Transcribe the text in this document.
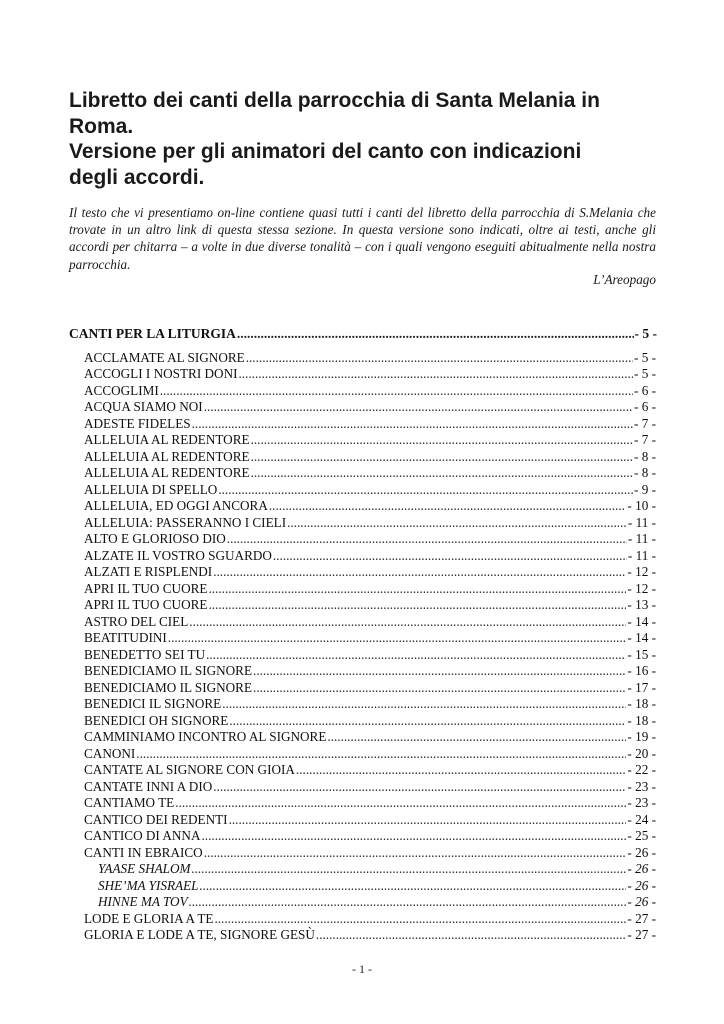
Libretto dei canti della parrocchia di Santa Melania in
Roma.
Versione per gli animatori del canto con indicazioni
degli accordi.
Il testo che vi presentiamo on-line contiene quasi tutti i canti del libretto della parrocchia di S.Melania che trovate in un altro link di questa stessa sezione. In questa versione sono indicati, oltre ai testi, anche gli accordi per chitarra – a volte in due diverse tonalità – con i quali vengono eseguiti abitualmente nella nostra parrocchia.
L’Areopago
CANTI PER LA LITURGIA .....	- 5 -
ACCLAMATE AL SIGNORE .....	- 5 -
ACCOGLI I NOSTRI DONI .....	- 5 -
ACCOGLIMI .....	- 6 -
ACQUA SIAMO NOI .....	- 6 -
ADESTE FIDELES .....	- 7 -
ALLELUIA AL REDENTORE .....	- 7 -
ALLELUIA AL REDENTORE .....	- 8 -
ALLELUIA AL REDENTORE .....	- 8 -
ALLELUIA DI SPELLO .....	- 9 -
ALLELUIA, ED OGGI ANCORA .....	- 10 -
ALLELUIA: PASSERANNO I CIELI .....	- 11 -
ALTO E GLORIOSO DIO .....	- 11 -
ALZATE IL VOSTRO SGUARDO .....	- 11 -
ALZATI E RISPLENDI .....	- 12 -
APRI IL TUO CUORE .....	- 12 -
APRI IL TUO CUORE .....	- 13 -
ASTRO DEL CIEL .....	- 14 -
BEATITUDINI .....	- 14 -
BENEDETTO SEI TU .....	- 15 -
BENEDICIAMO IL SIGNORE .....	- 16 -
BENEDICIAMO IL SIGNORE .....	- 17 -
BENEDICI IL SIGNORE .....	- 18 -
BENEDICI OH SIGNORE .....	- 18 -
CAMMINIAMO INCONTRO AL SIGNORE .....	- 19 -
CANONI .....	- 20 -
CANTATE AL SIGNORE CON GIOIA .....	- 22 -
CANTATE INNI A DIO .....	- 23 -
CANTIAMO TE .....	- 23 -
CANTICO DEI REDENTI .....	- 24 -
CANTICO DI ANNA .....	- 25 -
CANTI IN EBRAICO .....	- 26 -
YAASE SHALOM .....	- 26 -
SHE’MA YISRAEL .....	- 26 -
HINNE MA TOV .....	- 26 -
LODE E GLORIA A TE .....	- 27 -
GLORIA E LODE A TE, SIGNORE GESÙ .....	- 27 -
- 1 -
